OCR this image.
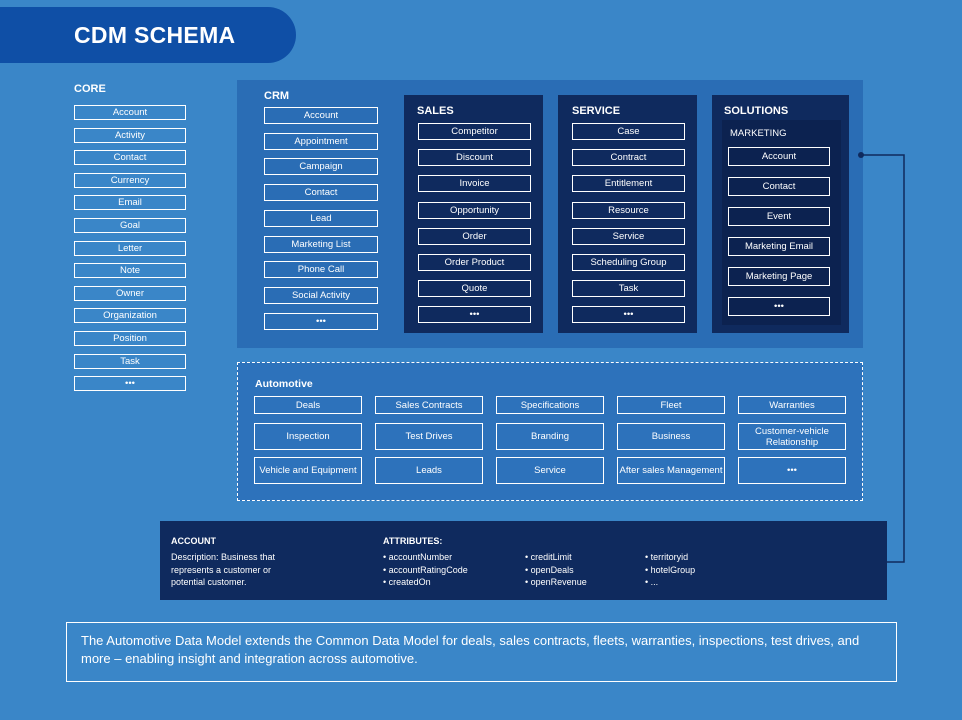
CDM SCHEMA
CORE
Account
Activity
Contact
Currency
Email
Goal
Letter
Note
Owner
Organization
Position
Task
•••
CRM
Account
Appointment
Campaign
Contact
Lead
Marketing List
Phone Call
Social Activity
•••
SALES
Competitor
Discount
Invoice
Opportunity
Order
Order Product
Quote
•••
SERVICE
Case
Contract
Entitlement
Resource
Service
Scheduling Group
Task
•••
SOLUTIONS
MARKETING
Account
Contact
Event
Marketing Email
Marketing Page
•••
Automotive
Deals	Sales Contracts	Specifications	Fleet	Warranties
Inspection	Test Drives	Branding	Business	Customer-vehicle Relationship
Vehicle and Equipment	Leads	Service	After sales Management	•••
ACCOUNT
Description: Business that represents a customer or potential customer.
ATTRIBUTES:
• accountNumber
• accountRatingCode
• createdOn
• creditLimit
• openDeals
• openRevenue
• territoryid
• hotelGroup
• ...
The Automotive Data Model extends the Common Data Model for deals, sales contracts, fleets, warranties, inspections, test drives, and more – enabling insight and integration across automotive.
